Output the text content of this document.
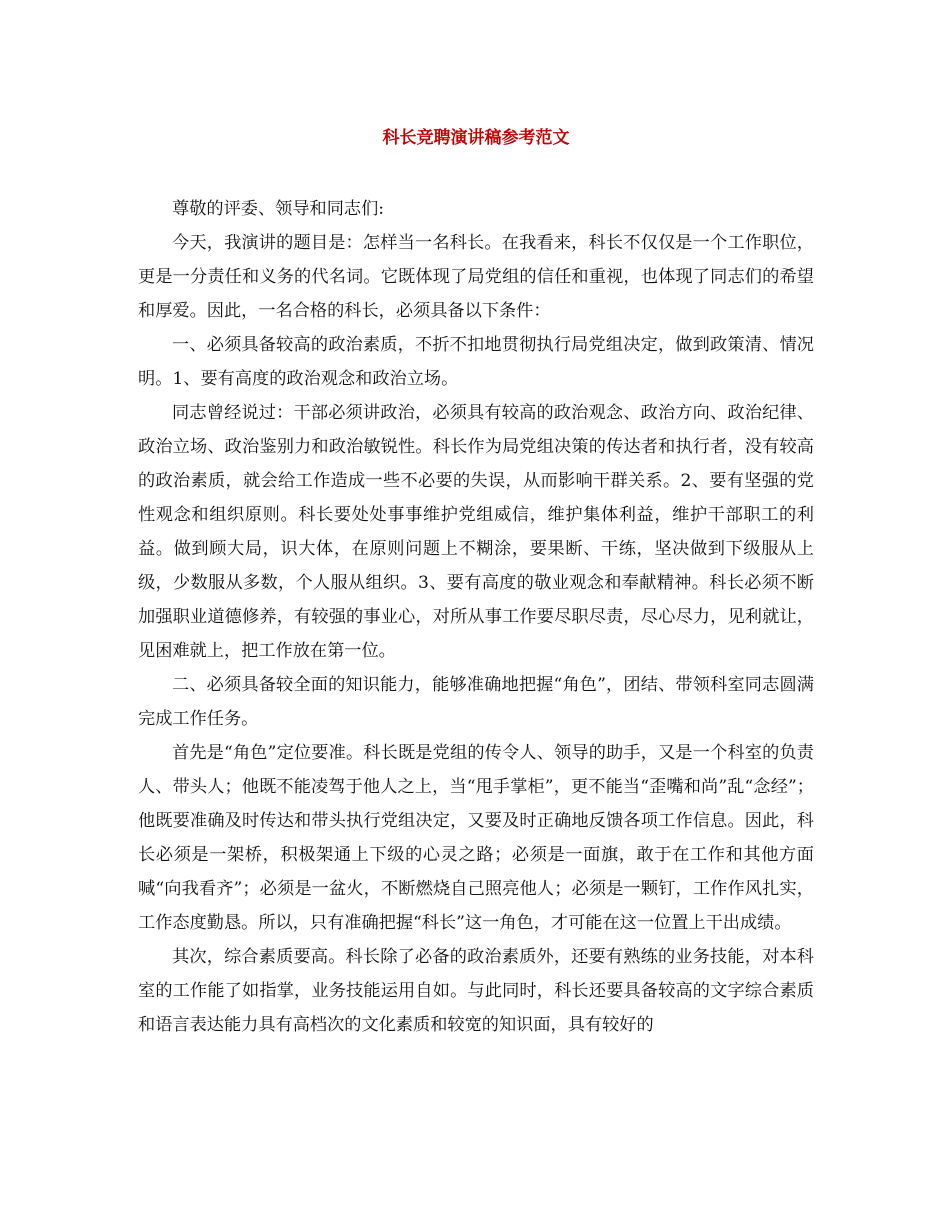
科长竞聘演讲稿参考范文

尊敬的评委、领导和同志们:

今天，我演讲的题目是：怎样当一名科长。在我看来，科长不仅仅是一个工作职位，更是一分责任和义务的代名词。它既体现了局党组的信任和重视，也体现了同志们的希望和厚爱。因此，一名合格的科长，必须具备以下条件：

一、必须具备较高的政治素质，不折不扣地贯彻执行局党组决定，做到政策清、情况明。1、要有高度的政治观念和政治立场。

同志曾经说过：干部必须讲政治，必须具有较高的政治观念、政治方向、政治纪律、政治立场、政治鉴别力和政治敏锐性。科长作为局党组决策的传达者和执行者，没有较高的政治素质，就会给工作造成一些不必要的失误，从而影响干群关系。2、要有坚强的党性观念和组织原则。科长要处处事事维护党组威信，维护集体利益，维护干部职工的利益。做到顾大局，识大体，在原则问题上不糊涂，要果断、干练，坚决做到下级服从上级，少数服从多数，个人服从组织。3、要有高度的敬业观念和奉献精神。科长必须不断加强职业道德修养，有较强的事业心，对所从事工作要尽职尽责，尽心尽力，见利就让，见困难就上，把工作放在第一位。

二、必须具备较全面的知识能力，能够准确地把握“角色”，团结、带领科室同志圆满完成工作任务。

首先是“角色”定位要准。科长既是党组的传令人、领导的助手，又是一个科室的负责人、带头人；他既不能凌驾于他人之上，当“甩手掌柜”，更不能当“歪嘴和尚”乱“念经”；他既要准确及时传达和带头执行党组决定，又要及时正确地反馈各项工作信息。因此，科长必须是一架桥，积极架通上下级的心灵之路；必须是一面旗，敢于在工作和其他方面喊“向我看齐”；必须是一盆火，不断燃烧自己照亮他人；必须是一颗钉，工作作风扎实，工作态度勤恳。所以，只有准确把握“科长”这一角色，才可能在这一位置上干出成绩。

其次，综合素质要高。科长除了必备的政治素质外，还要有熟练的业务技能，对本科室的工作能了如指掌，业务技能运用自如。与此同时，科长还要具备较高的文字综合素质和语言表达能力具有高档次的文化素质和较宽的知识面，具有较好的
